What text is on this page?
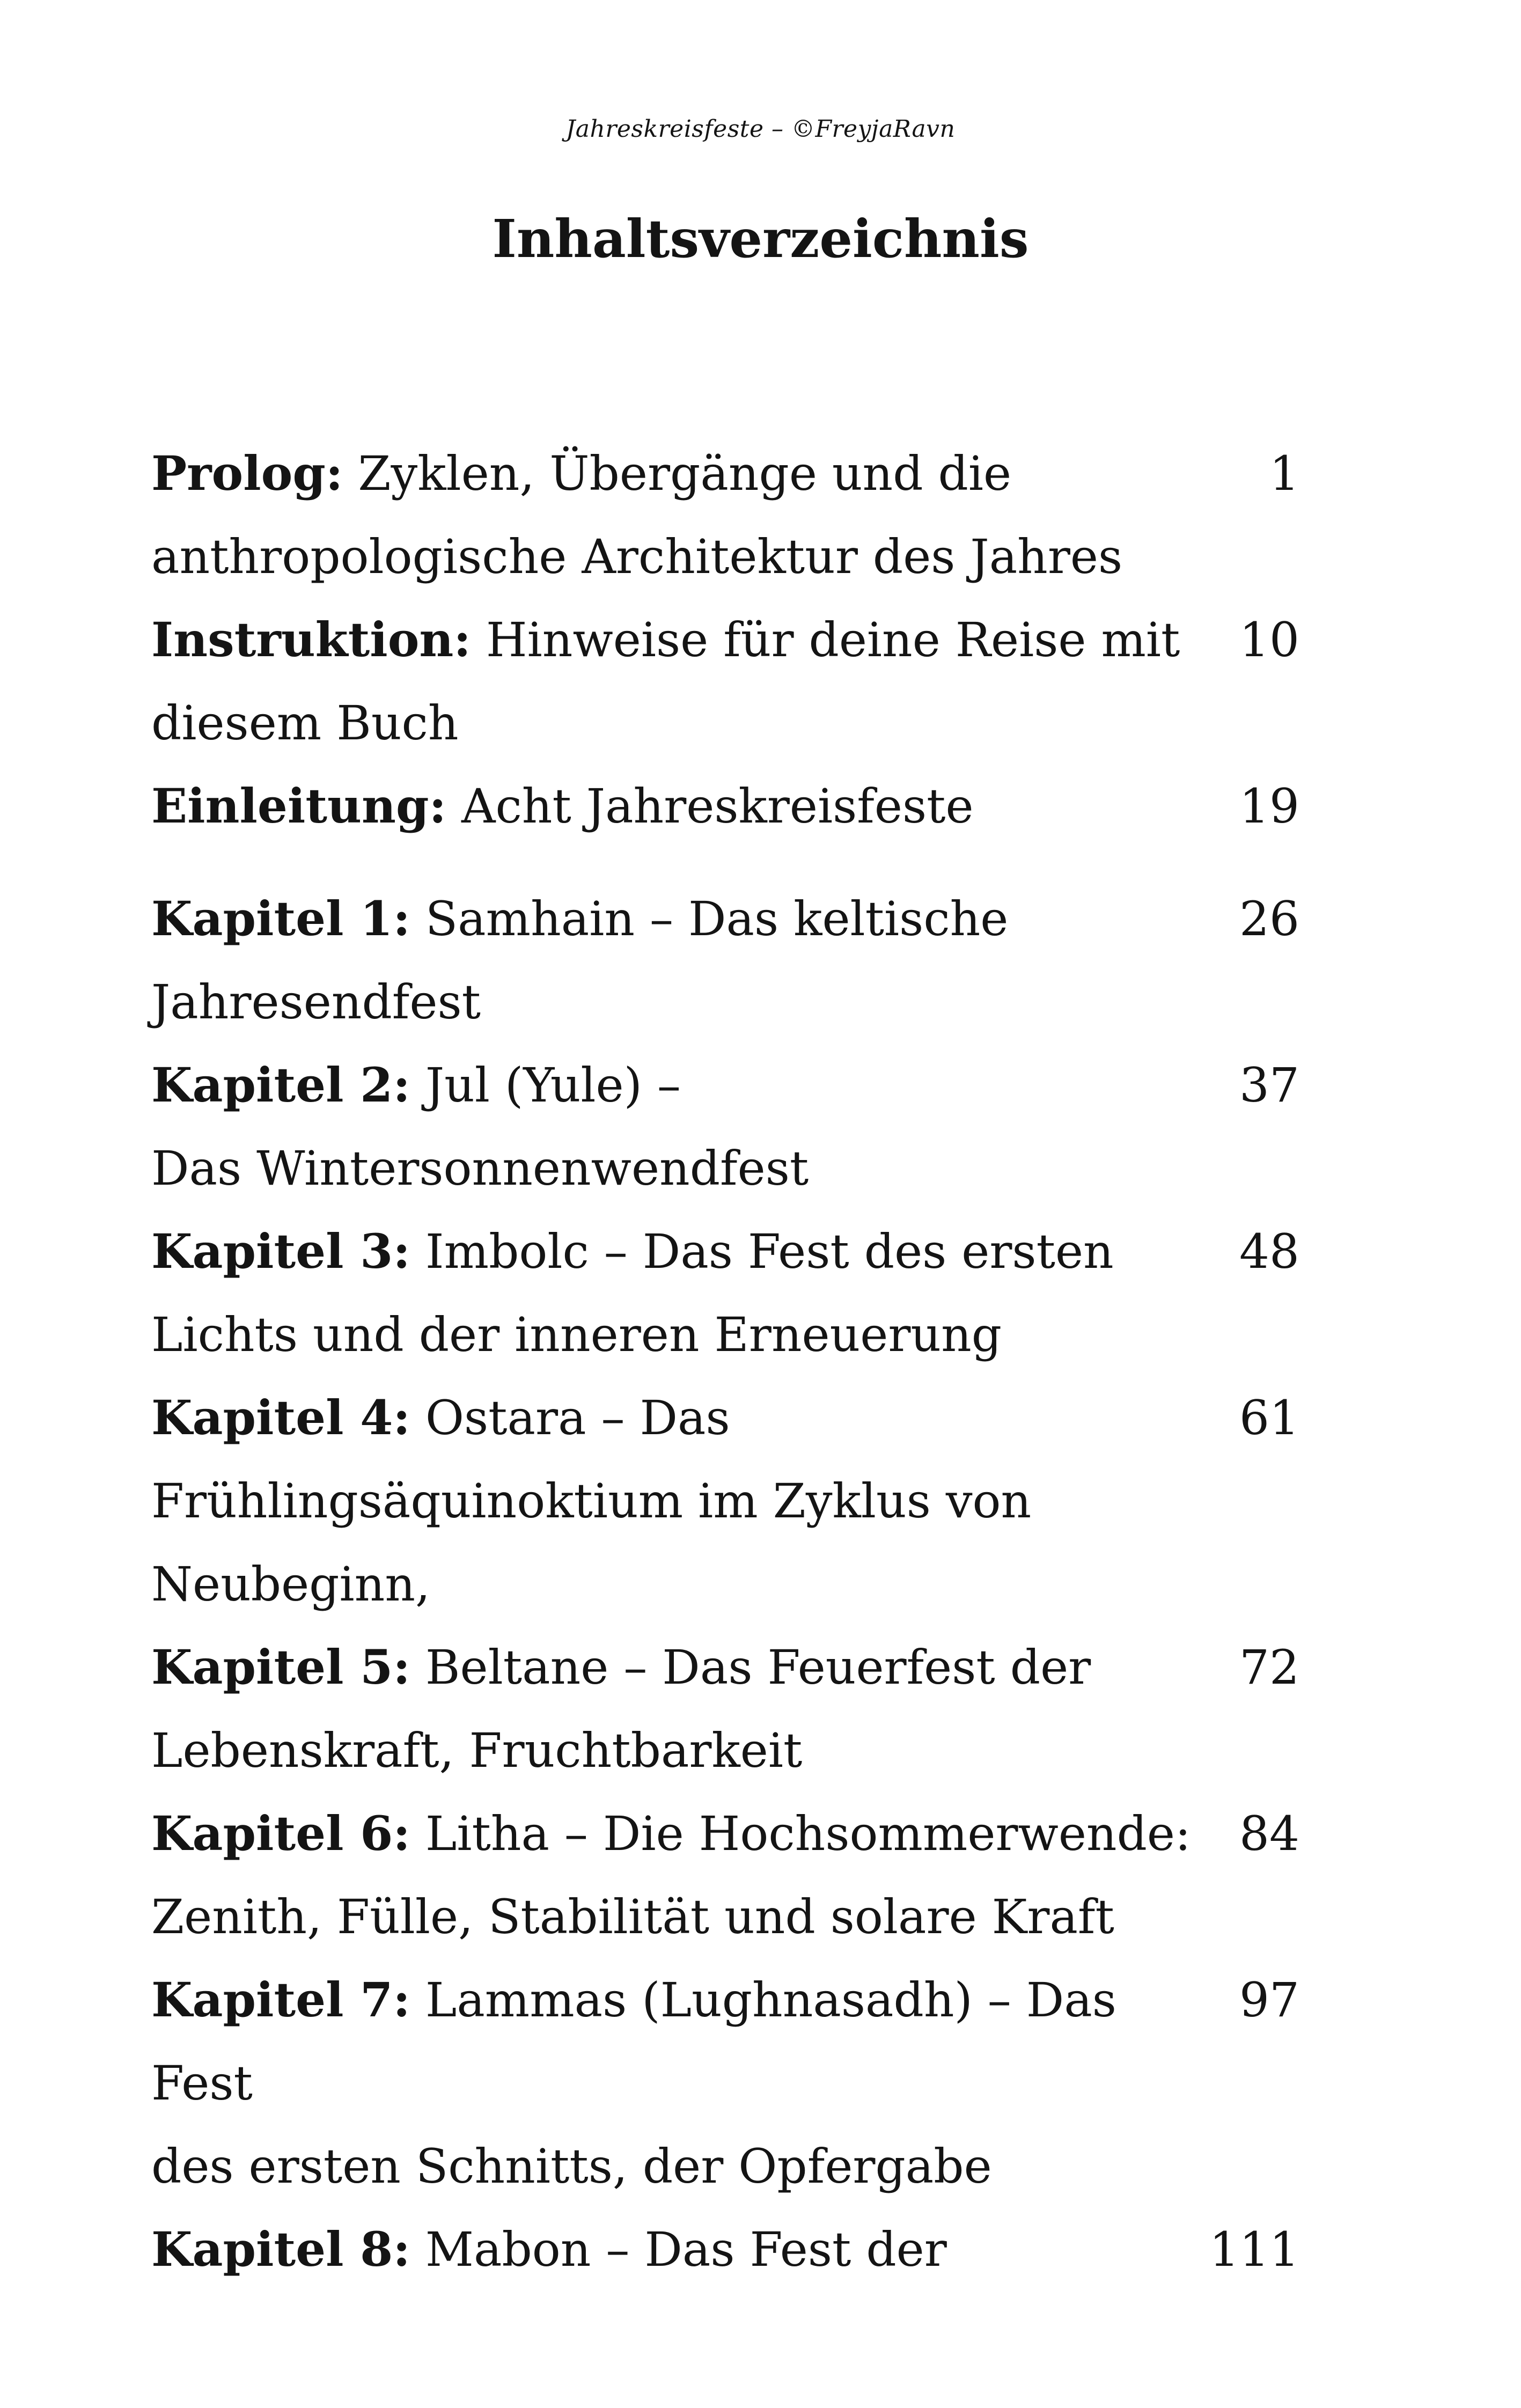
Jahreskreisfeste – ©FreyjaRavn
Inhaltsverzeichnis
Prolog: Zyklen, Übergänge und die
anthropologische Architektur des Jahres
1
Instruktion: Hinweise für deine Reise mit
diesem Buch
10
Einleitung: Acht Jahreskreisfeste	19
Kapitel 1: Samhain – Das keltische
Jahresendfest
26
Kapitel 2: Jul (Yule) –
Das Wintersonnenwendfest
37
Kapitel 3: Imbolc – Das Fest des ersten
Lichts und der inneren Erneuerung
48
Kapitel 4: Ostara – Das
Frühlingsäquinoktium im Zyklus von
Neubeginn,
61
Kapitel 5: Beltane – Das Feuerfest der
Lebenskraft, Fruchtbarkeit
72
Kapitel 6: Litha – Die Hochsommerwende:
Zenith, Fülle, Stabilität und solare Kraft
84
Kapitel 7: Lammas (Lughnasadh) – Das Fest
des ersten Schnitts, der Opfergabe
97
Kapitel 8: Mabon – Das Fest der	111
